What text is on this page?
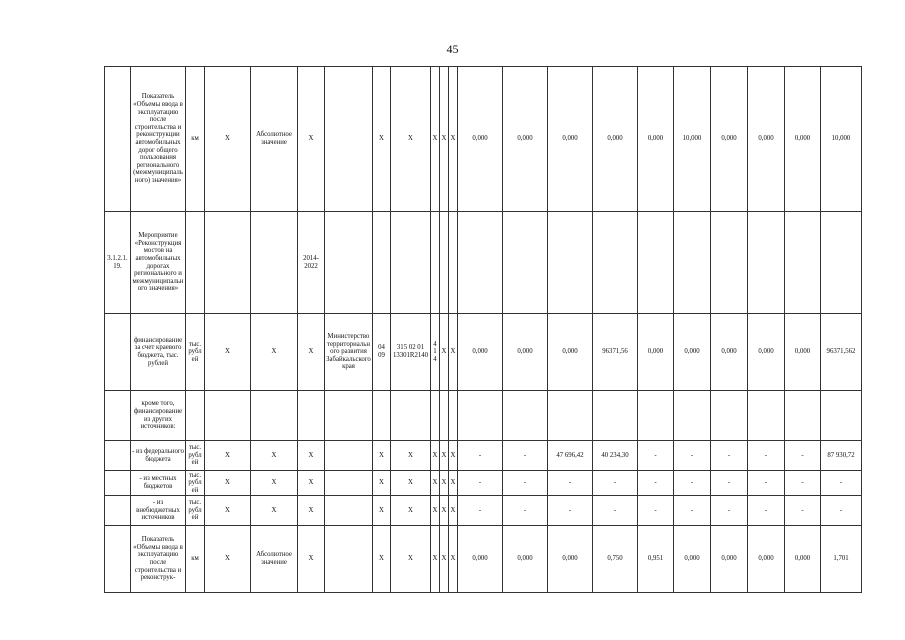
45
	Показатель «Объемы ввода в эксплуатацию после строительства и реконструкции автомобильных дорог общего пользования регионального (межмуниципального) значения»	км	X	Абсолютное значение	X		X	X	X	X	X	0,000	0,000	0,000	0,000	0,000	10,000	0,000	0,000	0,000	10,000
3.1.2.1.19.	Мероприятие «Реконструкция мостов на автомобильных дорогах регионального и межмуниципального значения»				2014-2022																
	финансирование за счет краевого бюджета, тыс. рублей	тыс. рублей	X	X	X	Министерство территориального развития Забайкальского края	04 09	315 02 01 13301R2140	414	X	X	0,000	0,000	0,000	96371,56	0,000	0,000	0,000	0,000	0,000	96371,562
	кроме того, финансирование из других источников:																				
	- из федерального бюджета	тыс. рублей	X	X	X		X	X	X	X	X	-	-	47 696,42	40 234,30	-	-	-	-	-	87 930,72
	- из местных бюджетов	тыс. рублей	X	X	X		X	X	X	X	X	-	-	-	-	-	-	-	-	-	-
	- из внебюджетных источников	тыс. рублей	X	X	X		X	X	X	X	X	-	-	-	-	-	-	-	-	-	-
	Показатель «Объемы ввода в эксплуатацию после строительства и реконструк-	км	X	Абсолютное значение	X		X	X	X	X	X	0,000	0,000	0,000	0,750	0,951	0,000	0,000	0,000	0,000	1,701
